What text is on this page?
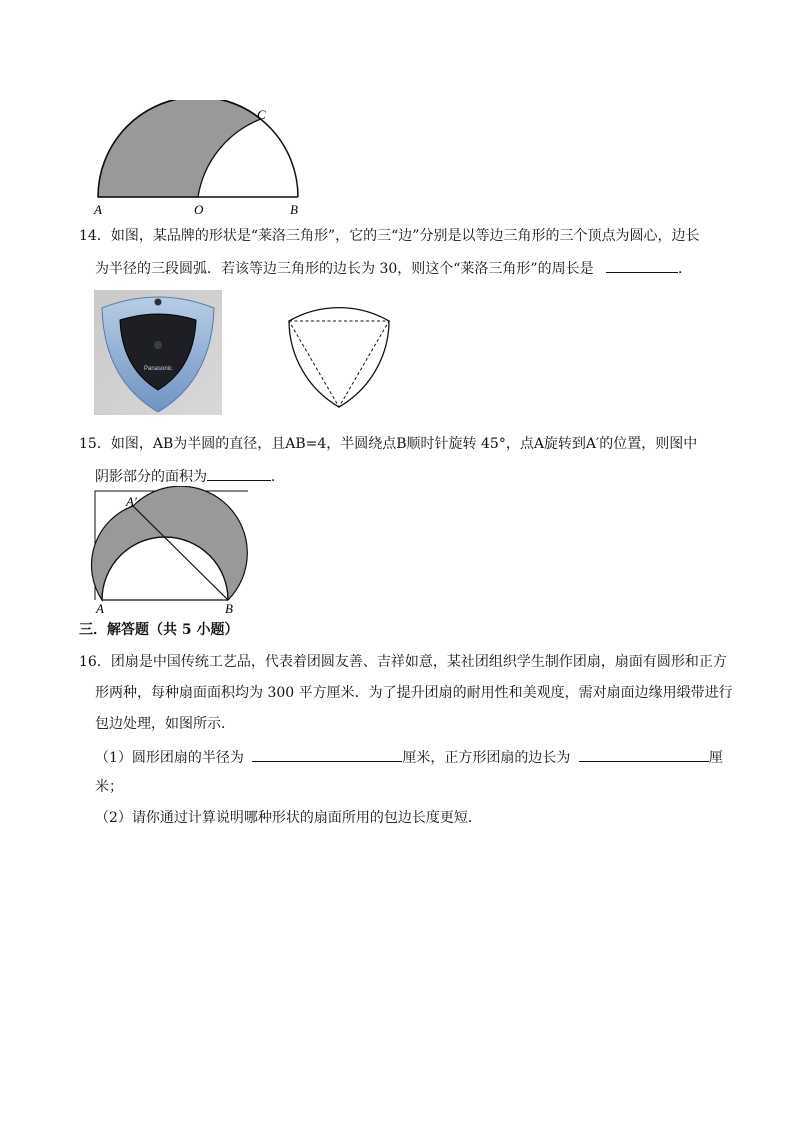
C
A	O	B
14．如图，某品牌的形状是“莱洛三角形”，它的三“边”分别是以等边三角形的三个顶点为圆心，边长
为半径的三段圆弧．若该等边三角形的边长为 30，则这个“莱洛三角形”的周长是	．
Panasonic
15．如图，AB为半圆的直径，且AB=4，半圆绕点B顺时针旋转 45°，点A旋转到A′的位置，则图中
阴影部分的面积为	．
A′
A	B
三．解答题（共 5 小题）
16．团扇是中国传统工艺品，代表着团圆友善、吉祥如意，某社团组织学生制作团扇，扇面有圆形和正方
形两种，每种扇面面积均为 300 平方厘米．为了提升团扇的耐用性和美观度，需对扇面边缘用缎带进行
包边处理，如图所示．
（1）圆形团扇的半径为	厘米，正方形团扇的边长为	厘
米；
（2）请你通过计算说明哪种形状的扇面所用的包边长度更短．
